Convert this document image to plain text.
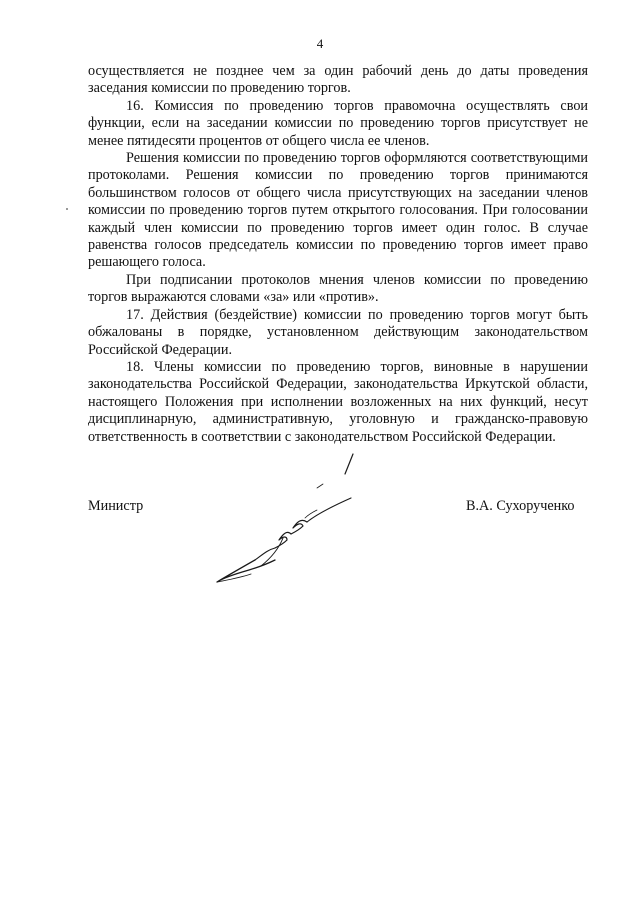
4

осуществляется не позднее чем за один рабочий день до даты проведения заседания комиссии по проведению торгов.

16. Комиссия по проведению торгов правомочна осуществлять свои функции, если на заседании комиссии по проведению торгов присутствует не менее пятидесяти процентов от общего числа ее членов.

Решения комиссии по проведению торгов оформляются соответствующими протоколами. Решения комиссии по проведению торгов принимаются большинством голосов от общего числа присутствующих на заседании членов комиссии по проведению торгов путем открытого голосования. При голосовании каждый член комиссии по проведению торгов имеет один голос. В случае равенства голосов председатель комиссии по проведению торгов имеет право решающего голоса.

При подписании протоколов мнения членов комиссии по проведению торгов выражаются словами «за» или «против».

17. Действия (бездействие) комиссии по проведению торгов могут быть обжалованы в порядке, установленном действующим законодательством Российской Федерации.

18. Члены комиссии по проведению торгов, виновные в нарушении законодательства Российской Федерации, законодательства Иркутской области, настоящего Положения при исполнении возложенных на них функций, несут дисциплинарную, административную, уголовную и гражданско-правовую ответственность в соответствии с законодательством Российской Федерации.

Министр	В.А. Сухорученко
